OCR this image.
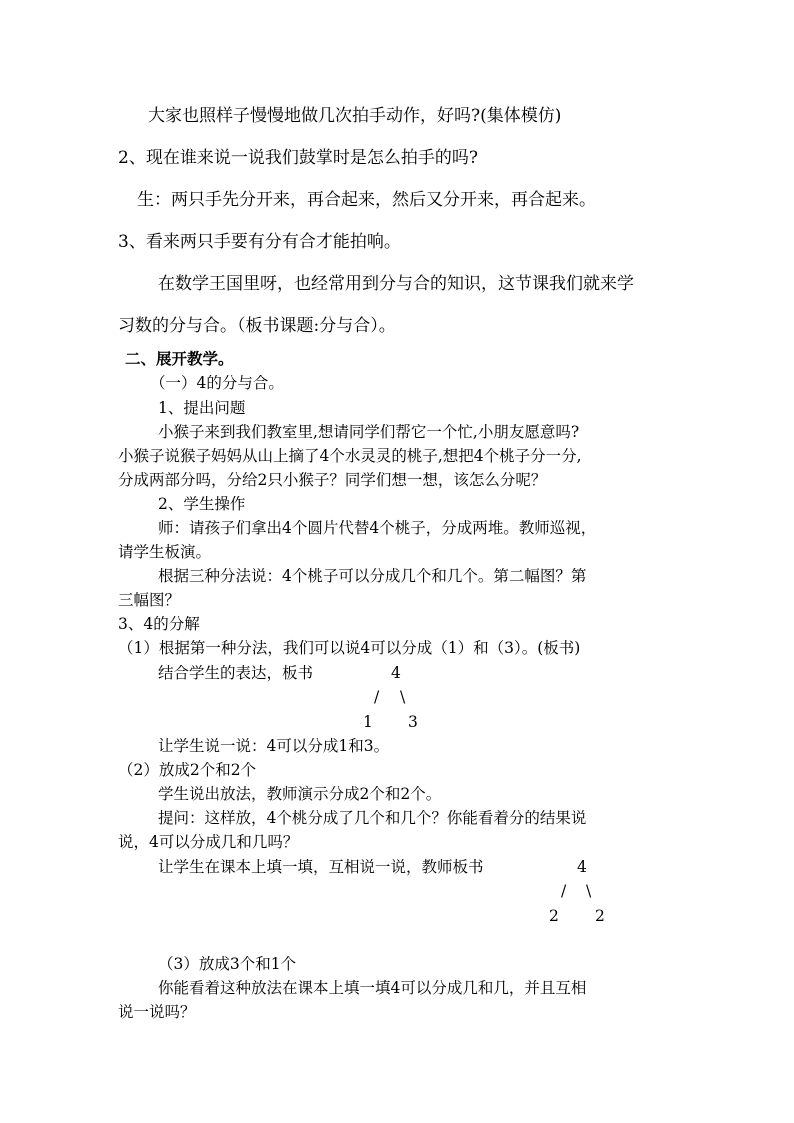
大家也照样子慢慢地做几次拍手动作，好吗?(集体模仿)
2、现在谁来说一说我们鼓掌时是怎么拍手的吗?
生：两只手先分开来，再合起来，然后又分开来，再合起来。
3、看来两只手要有分有合才能拍响。
在数学王国里呀，也经常用到分与合的知识，这节课我们就来学
习数的分与合。（板书课题:分与合）。
二、展开教学。
（一）4的分与合。
1、提出问题
小猴子来到我们教室里,想请同学们帮它一个忙,小朋友愿意吗?
小猴子说猴子妈妈从山上摘了4个水灵灵的桃子,想把4个桃子分一分,
分成两部分吗，分给2只小猴子？同学们想一想，该怎么分呢？
2、学生操作
师：请孩子们拿出4个圆片代替4个桃子，分成两堆。教师巡视，
请学生板演。
根据三种分法说：4个桃子可以分成几个和几个。第二幅图？第
三幅图？
3、4的分解
（1）根据第一种分法，我们可以说4可以分成（1）和（3）。(板书)
结合学生的表达，板书	4
/ \
1 3
让学生说一说：4可以分成1和3。
（2）放成2个和2个
学生说出放法，教师演示分成2个和2个。
提问：这样放，4个桃分成了几个和几个？你能看着分的结果说
说，4可以分成几和几吗？
让学生在课本上填一填，互相说一说，教师板书	4
/ \
2 2
（3）放成3个和1个
你能看着这种放法在课本上填一填4可以分成几和几，并且互相
说一说吗？
